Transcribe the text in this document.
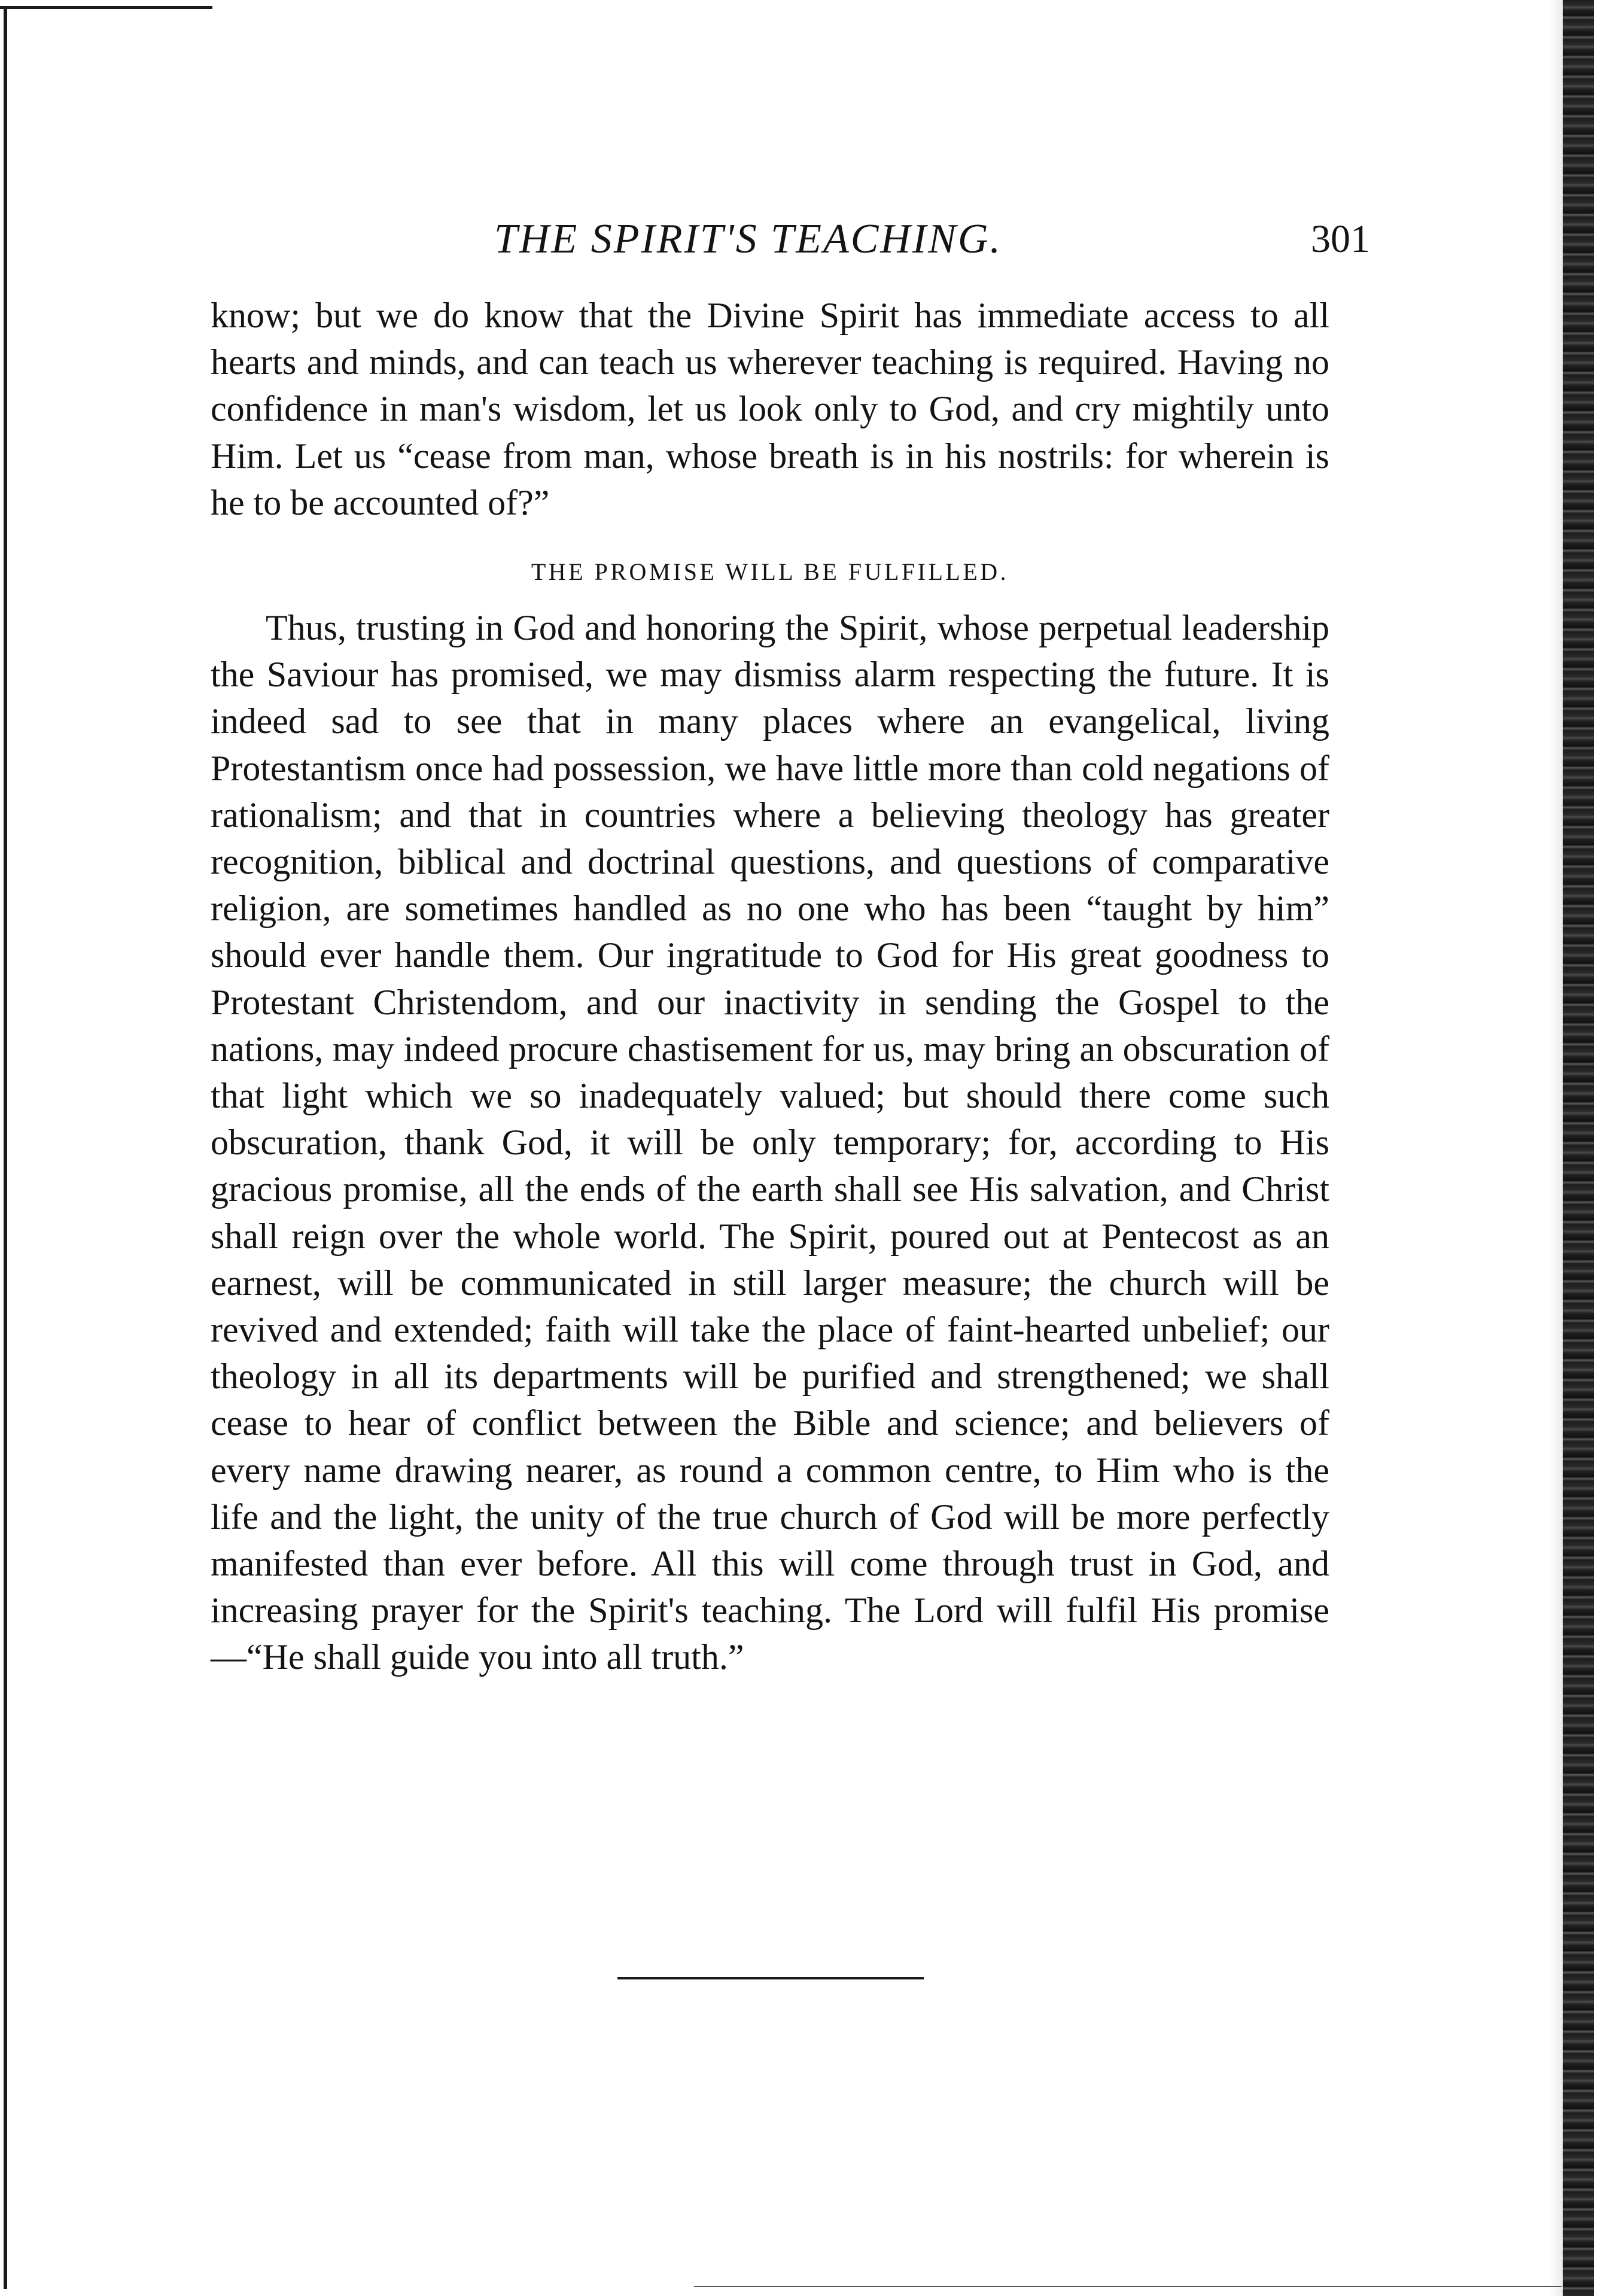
THE SPIRIT'S TEACHING.	301

know; but we do know that the Divine Spirit has immediate access to all hearts and minds, and can teach us wherever teaching is required. Having no confidence in man's wisdom, let us look only to God, and cry mightily unto Him. Let us “cease from man, whose breath is in his nostrils: for wherein is he to be accounted of?”

THE PROMISE WILL BE FULFILLED.

Thus, trusting in God and honoring the Spirit, whose perpetual leadership the Saviour has promised, we may dismiss alarm respecting the future. It is indeed sad to see that in many places where an evangelical, living Protestantism once had possession, we have little more than cold negations of rationalism; and that in countries where a believing theology has greater recognition, biblical and doctrinal questions, and questions of comparative religion, are sometimes handled as no one who has been “taught by him” should ever handle them. Our ingratitude to God for His great goodness to Protestant Christendom, and our inactivity in sending the Gospel to the nations, may indeed procure chastisement for us, may bring an obscuration of that light which we so inadequately valued; but should there come such obscuration, thank God, it will be only temporary; for, according to His gracious promise, all the ends of the earth shall see His salvation, and Christ shall reign over the whole world. The Spirit, poured out at Pentecost as an earnest, will be communicated in still larger measure; the church will be revived and extended; faith will take the place of faint-hearted unbelief; our theology in all its departments will be purified and strengthened; we shall cease to hear of conflict between the Bible and science; and believers of every name drawing nearer, as round a common centre, to Him who is the life and the light, the unity of the true church of God will be more perfectly manifested than ever before. All this will come through trust in God, and increasing prayer for the Spirit's teaching. The Lord will fulfil His promise—“He shall guide you into all truth.”
